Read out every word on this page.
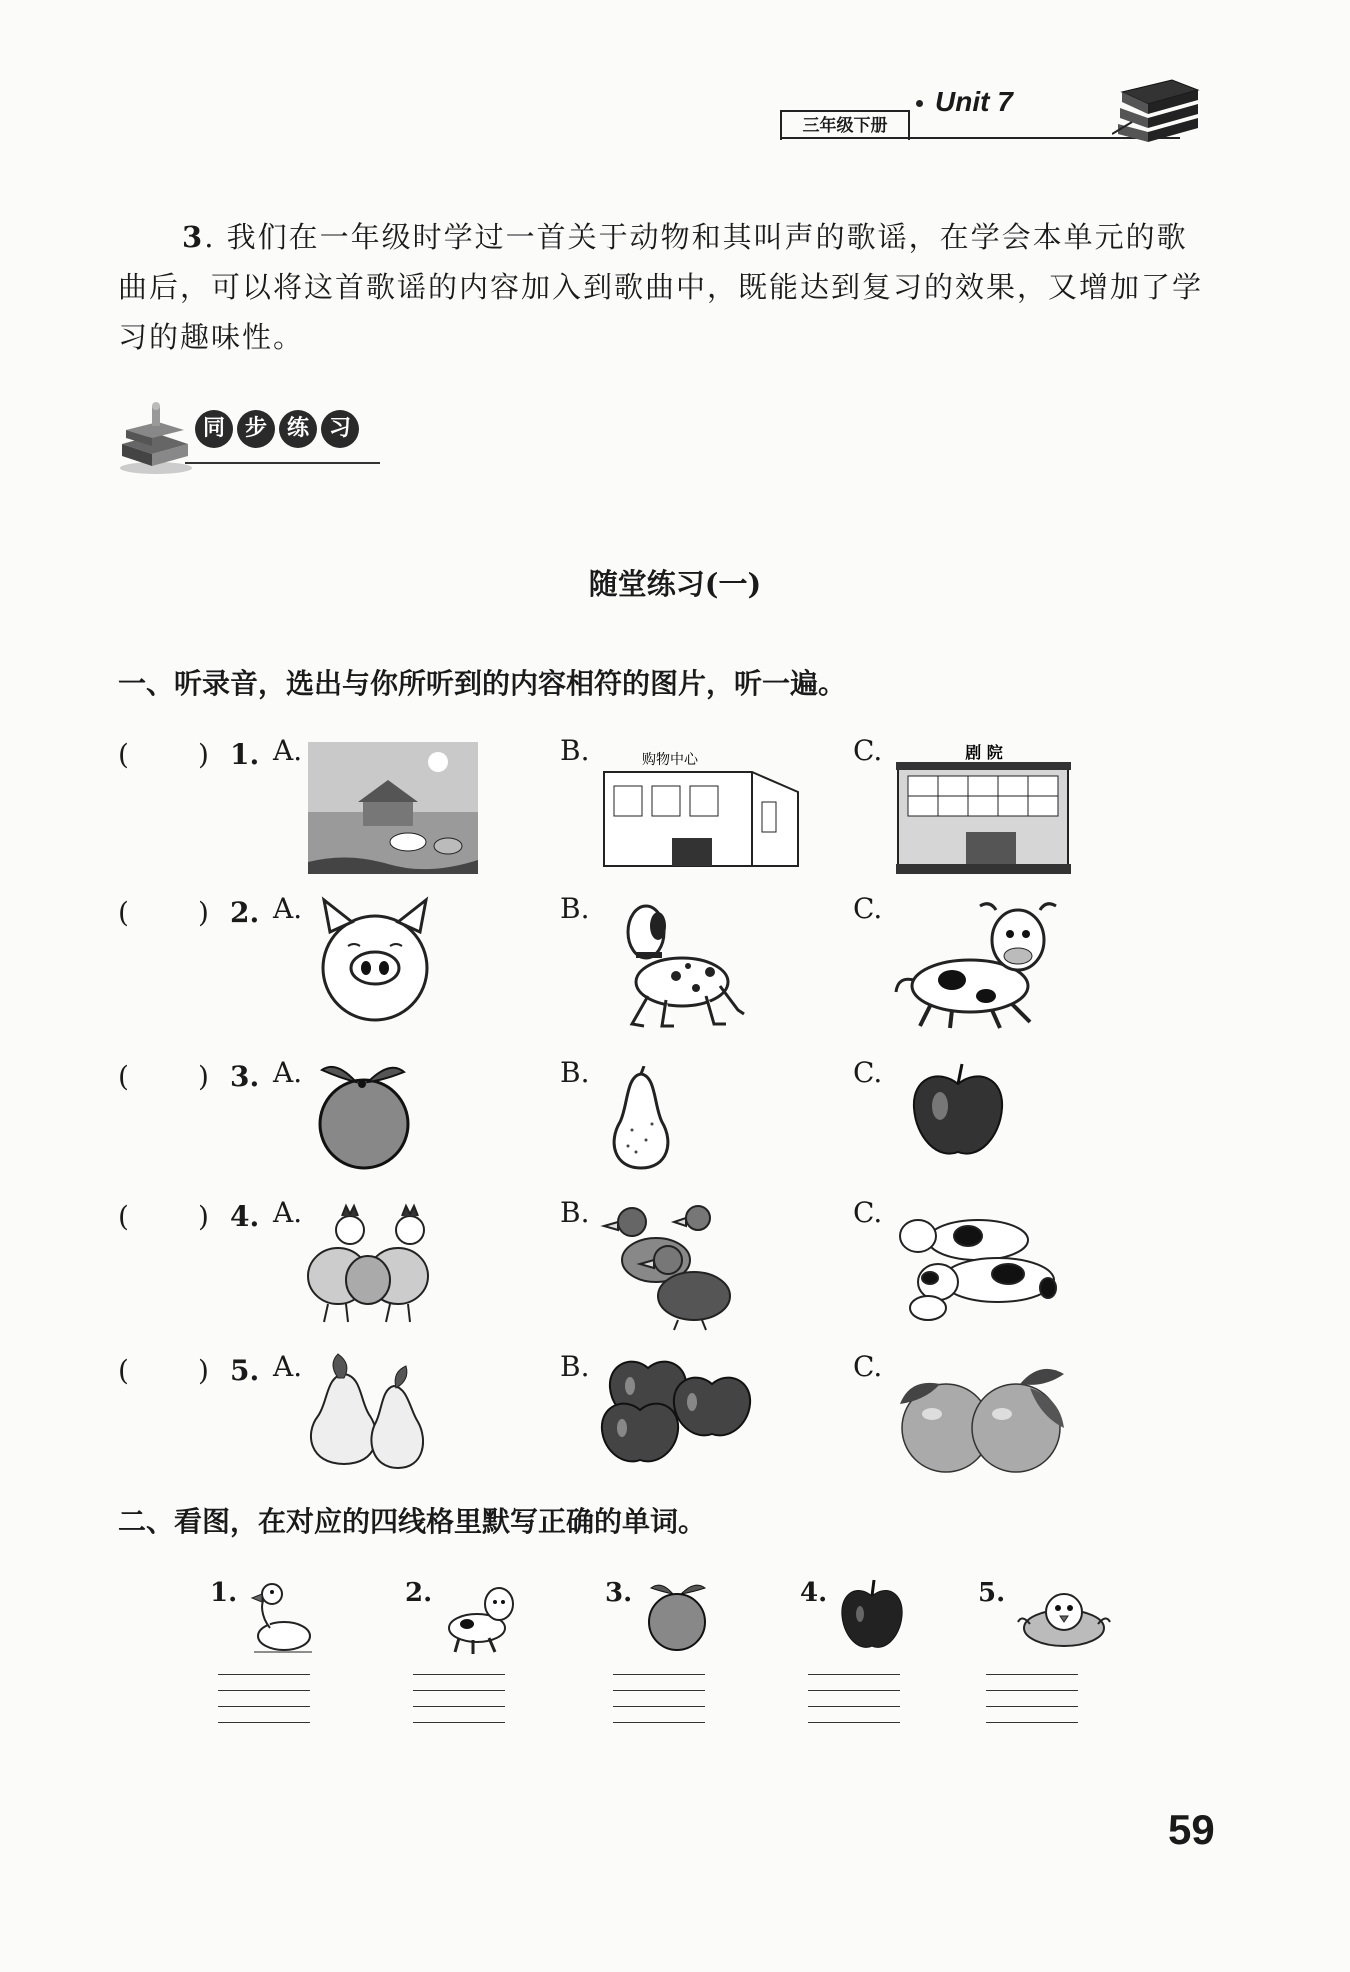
三年级下册
Unit 7
3. 我们在一年级时学过一首关于动物和其叫声的歌谣，在学会本单元的歌曲后，可以将这首歌谣的内容加入到歌曲中，既能达到复习的效果，又增加了学习的趣味性。
同 步 练 习
随堂练习(一)
一、听录音，选出与你所听到的内容相符的图片，听一遍。
( ) 1. A.	B.	购物中心	C.	剧 院
( ) 2. A.	B.	C.
( ) 3. A.	B.	C.
( ) 4. A.	B.	C.
( ) 5. A.	B.	C.
二、看图，在对应的四线格里默写正确的单词。
1.	2.	3.	4.	5.
59
